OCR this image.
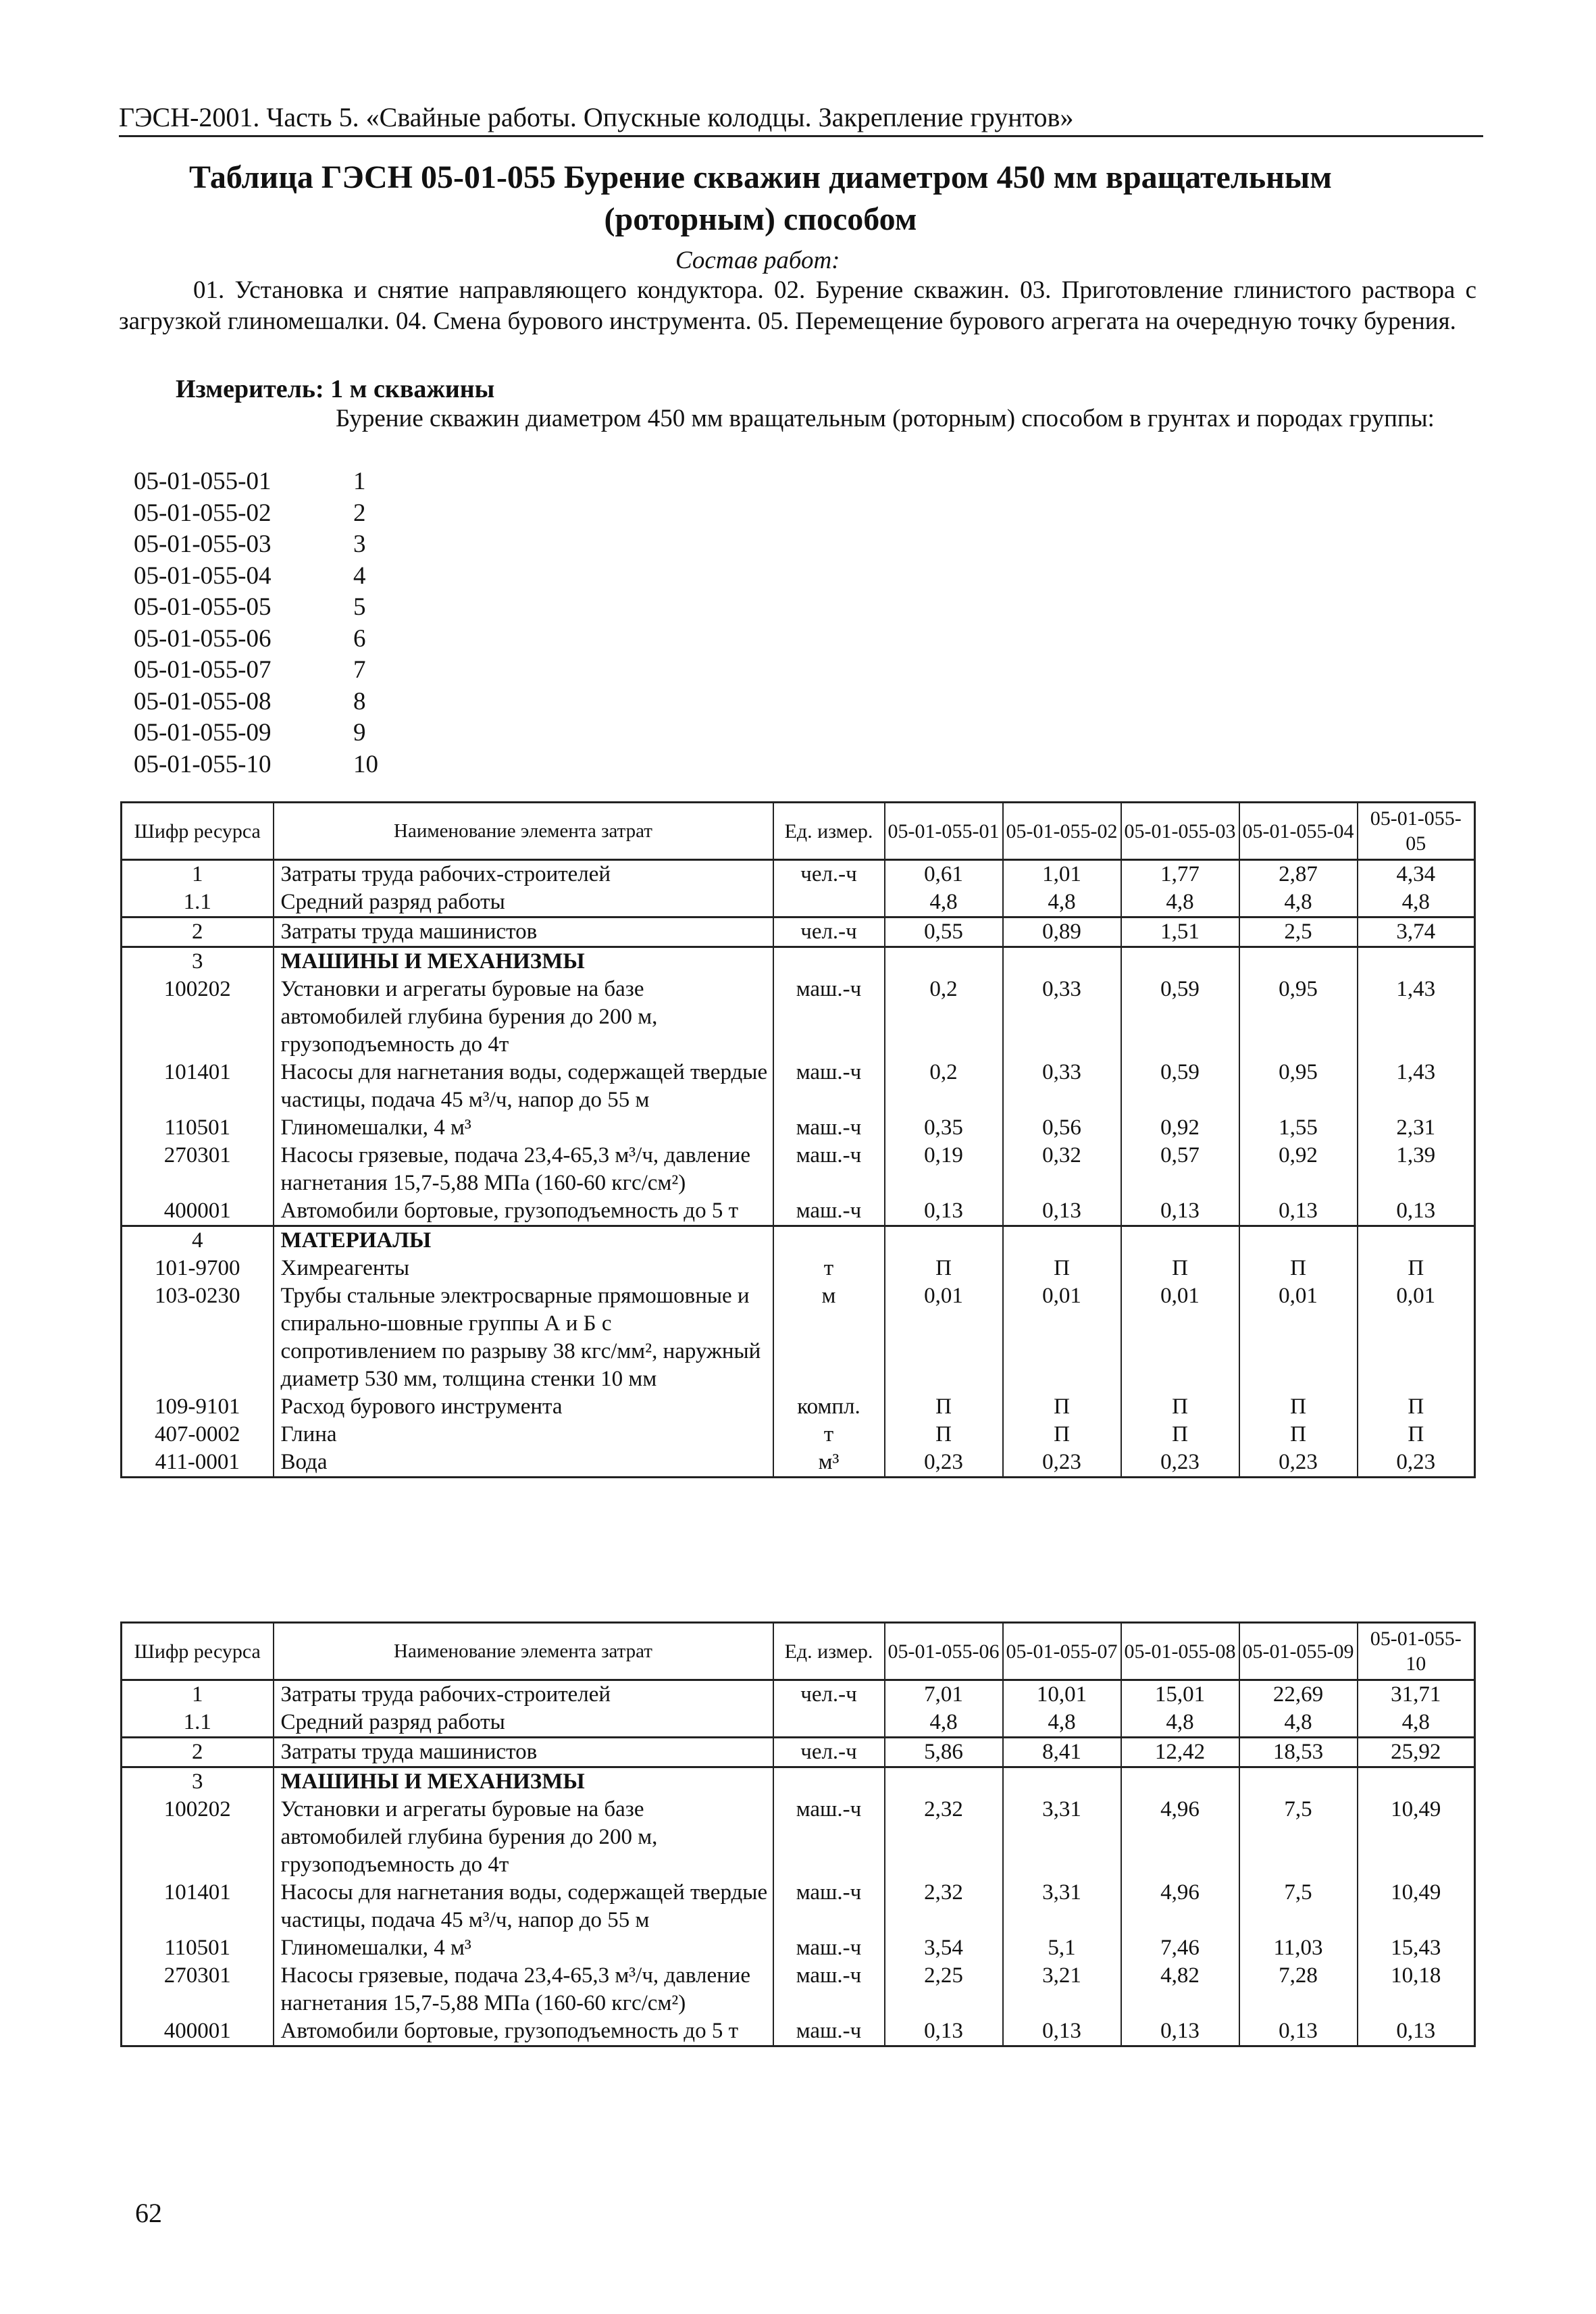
ГЭСН-2001. Часть 5. «Свайные работы. Опускные колодцы. Закрепление грунтов»
Таблица ГЭСН 05-01-055 Бурение скважин диаметром 450 мм вращательным (роторным) способом
Состав работ:
01. Установка и снятие направляющего кондуктора. 02. Бурение скважин. 03. Приготовление глинистого раствора с загрузкой глиномешалки. 04. Смена бурового инструмента. 05. Перемещение бурового агрегата на очередную точку бурения.
Измеритель: 1 м скважины
Бурение скважин диаметром 450 мм вращательным (роторным) способом в грунтах и породах группы:
05-01-055-01	1
05-01-055-02	2
05-01-055-03	3
05-01-055-04	4
05-01-055-05	5
05-01-055-06	6
05-01-055-07	7
05-01-055-08	8
05-01-055-09	9
05-01-055-10	10
Шифр ресурса	Наименование элемента затрат	Ед. измер.	05-01-055-01	05-01-055-02	05-01-055-03	05-01-055-04	05-01-055-05
1	Затраты труда рабочих-строителей	чел.-ч	0,61	1,01	1,77	2,87	4,34
1.1	Средний разряд работы		4,8	4,8	4,8	4,8	4,8
2	Затраты труда машинистов	чел.-ч	0,55	0,89	1,51	2,5	3,74
3	МАШИНЫ И МЕХАНИЗМЫ						
100202	Установки и агрегаты буровые на базе автомобилей глубина бурения до 200 м, грузоподъемность до 4т	маш.-ч	0,2	0,33	0,59	0,95	1,43
101401	Насосы для нагнетания воды, содержащей твердые частицы, подача 45 м³/ч, напор до 55 м	маш.-ч	0,2	0,33	0,59	0,95	1,43
110501	Глиномешалки, 4 м³	маш.-ч	0,35	0,56	0,92	1,55	2,31
270301	Насосы грязевые, подача 23,4-65,3 м³/ч, давление нагнетания 15,7-5,88 МПа (160-60 кгс/см²)	маш.-ч	0,19	0,32	0,57	0,92	1,39
400001	Автомобили бортовые, грузоподъемность до 5 т	маш.-ч	0,13	0,13	0,13	0,13	0,13
4	МАТЕРИАЛЫ						
101-9700	Химреагенты	т	П	П	П	П	П
103-0230	Трубы стальные электросварные прямошовные и спирально-шовные группы А и Б с сопротивлением по разрыву 38 кгс/мм², наружный диаметр 530 мм, толщина стенки 10 мм	м	0,01	0,01	0,01	0,01	0,01
109-9101	Расход бурового инструмента	компл.	П	П	П	П	П
407-0002	Глина	т	П	П	П	П	П
411-0001	Вода	м³	0,23	0,23	0,23	0,23	0,23
Шифр ресурса	Наименование элемента затрат	Ед. измер.	05-01-055-06	05-01-055-07	05-01-055-08	05-01-055-09	05-01-055-10
1	Затраты труда рабочих-строителей	чел.-ч	7,01	10,01	15,01	22,69	31,71
1.1	Средний разряд работы		4,8	4,8	4,8	4,8	4,8
2	Затраты труда машинистов	чел.-ч	5,86	8,41	12,42	18,53	25,92
3	МАШИНЫ И МЕХАНИЗМЫ						
100202	Установки и агрегаты буровые на базе автомобилей глубина бурения до 200 м, грузоподъемность до 4т	маш.-ч	2,32	3,31	4,96	7,5	10,49
101401	Насосы для нагнетания воды, содержащей твердые частицы, подача 45 м³/ч, напор до 55 м	маш.-ч	2,32	3,31	4,96	7,5	10,49
110501	Глиномешалки, 4 м³	маш.-ч	3,54	5,1	7,46	11,03	15,43
270301	Насосы грязевые, подача 23,4-65,3 м³/ч, давление нагнетания 15,7-5,88 МПа (160-60 кгс/см²)	маш.-ч	2,25	3,21	4,82	7,28	10,18
400001	Автомобили бортовые, грузоподъемность до 5 т	маш.-ч	0,13	0,13	0,13	0,13	0,13
62
